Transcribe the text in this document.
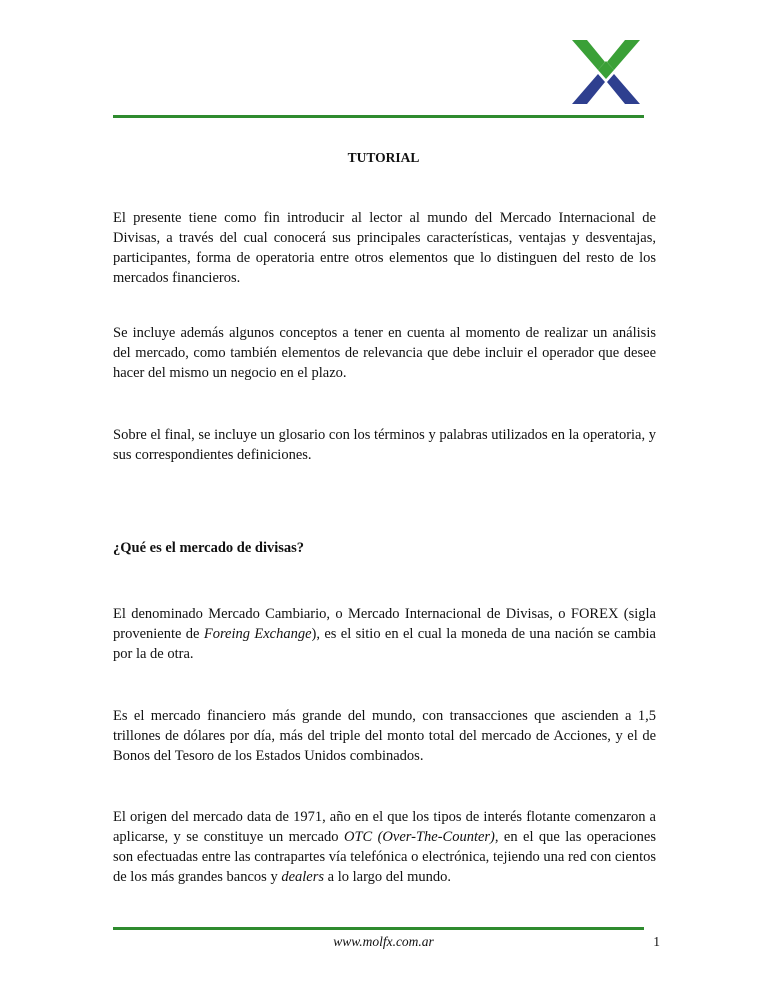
TUTORIAL

El presente tiene como fin introducir al lector al mundo del Mercado Internacional de Divisas, a través del cual conocerá sus principales características, ventajas y desventajas, participantes, forma de operatoria entre otros elementos que lo distinguen del resto de los mercados financieros.

Se incluye además algunos conceptos a tener en cuenta al momento de realizar un análisis del mercado, como también elementos de relevancia que debe incluir el operador que desee hacer del mismo un negocio en el plazo.

Sobre el final, se incluye un glosario con los términos y palabras utilizados en la operatoria, y sus correspondientes definiciones.

¿Qué es el mercado de divisas?

El denominado Mercado Cambiario, o Mercado Internacional de Divisas, o FOREX (sigla proveniente de Foreing Exchange), es el sitio en el cual la moneda de una nación se cambia por la de otra.

Es el mercado financiero más grande del mundo, con transacciones que ascienden a 1,5 trillones de dólares por día, más del triple del monto total del mercado de Acciones, y el de Bonos del Tesoro de los Estados Unidos combinados.

El origen del mercado data de 1971, año en el que los tipos de interés flotante comenzaron a aplicarse, y se constituye un mercado OTC (Over-The-Counter), en el que las operaciones son efectuadas entre las contrapartes vía telefónica o electrónica, tejiendo una red con cientos de los más grandes bancos y dealers a lo largo del mundo.

www.molfx.com.ar	1
